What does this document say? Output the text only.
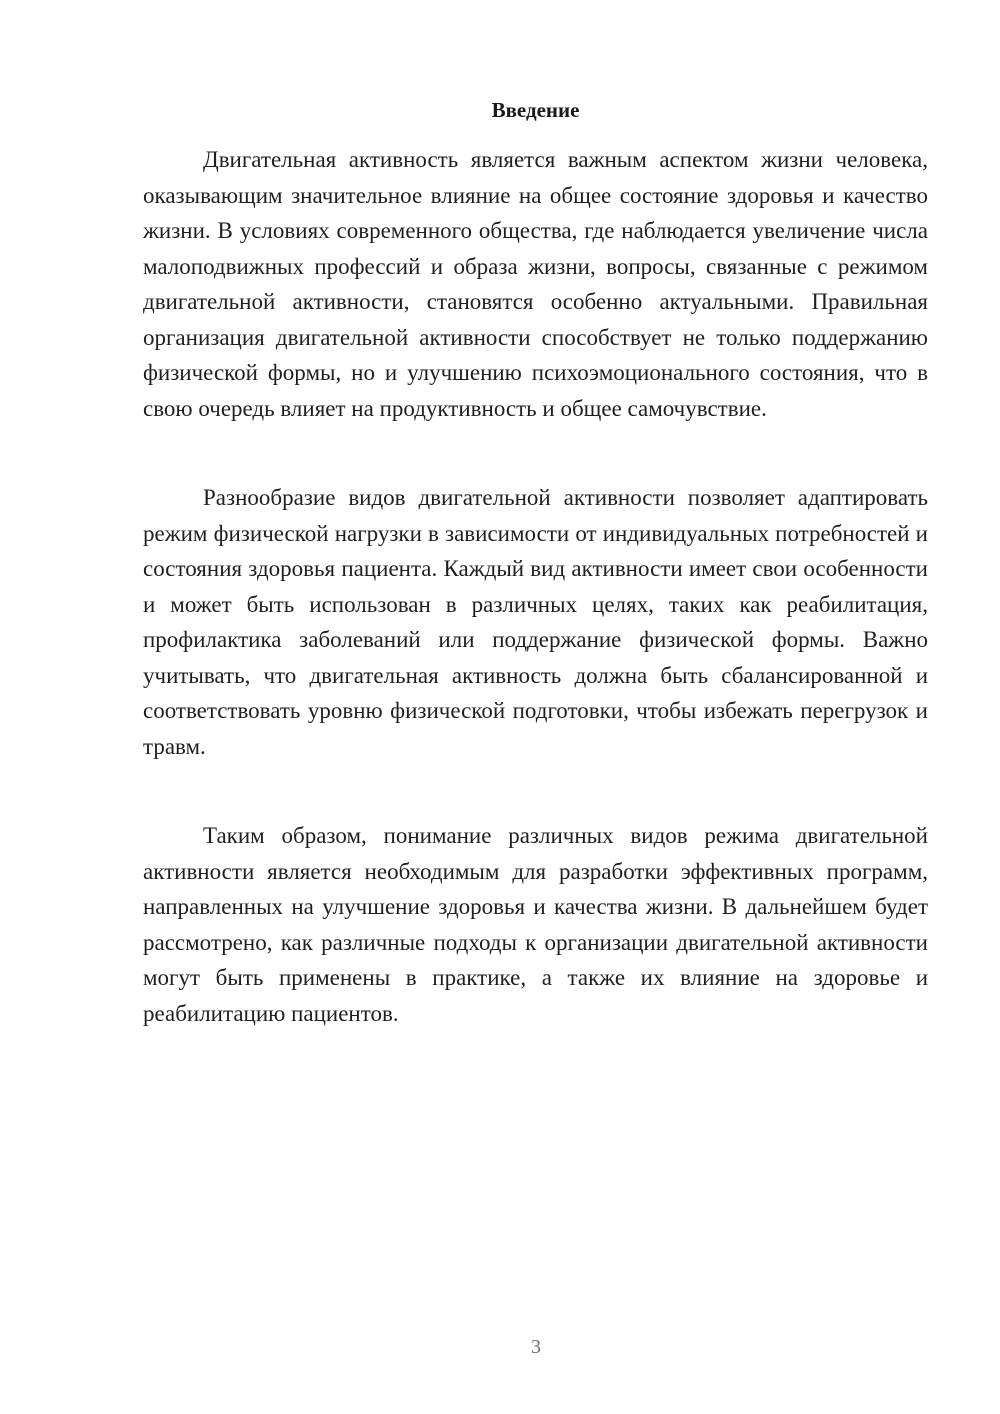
Введение

Двигательная активность является важным аспектом жизни человека, оказывающим значительное влияние на общее состояние здоровья и качество жизни. В условиях современного общества, где наблюдается увеличение числа малоподвижных профессий и образа жизни, вопросы, связанные с режимом двигательной активности, становятся особенно актуальными. Правильная организация двигательной активности способствует не только поддержанию физической формы, но и улучшению психоэмоционального состояния, что в свою очередь влияет на продуктивность и общее самочувствие.

Разнообразие видов двигательной активности позволяет адаптировать режим физической нагрузки в зависимости от индивидуальных потребностей и состояния здоровья пациента. Каждый вид активности имеет свои особенности и может быть использован в различных целях, таких как реабилитация, профилактика заболеваний или поддержание физической формы. Важно учитывать, что двигательная активность должна быть сбалансированной и соответствовать уровню физической подготовки, чтобы избежать перегрузок и травм.

Таким образом, понимание различных видов режима двигательной активности является необходимым для разработки эффективных программ, направленных на улучшение здоровья и качества жизни. В дальнейшем будет рассмотрено, как различные подходы к организации двигательной активности могут быть применены в практике, а также их влияние на здоровье и реабилитацию пациентов.

3
